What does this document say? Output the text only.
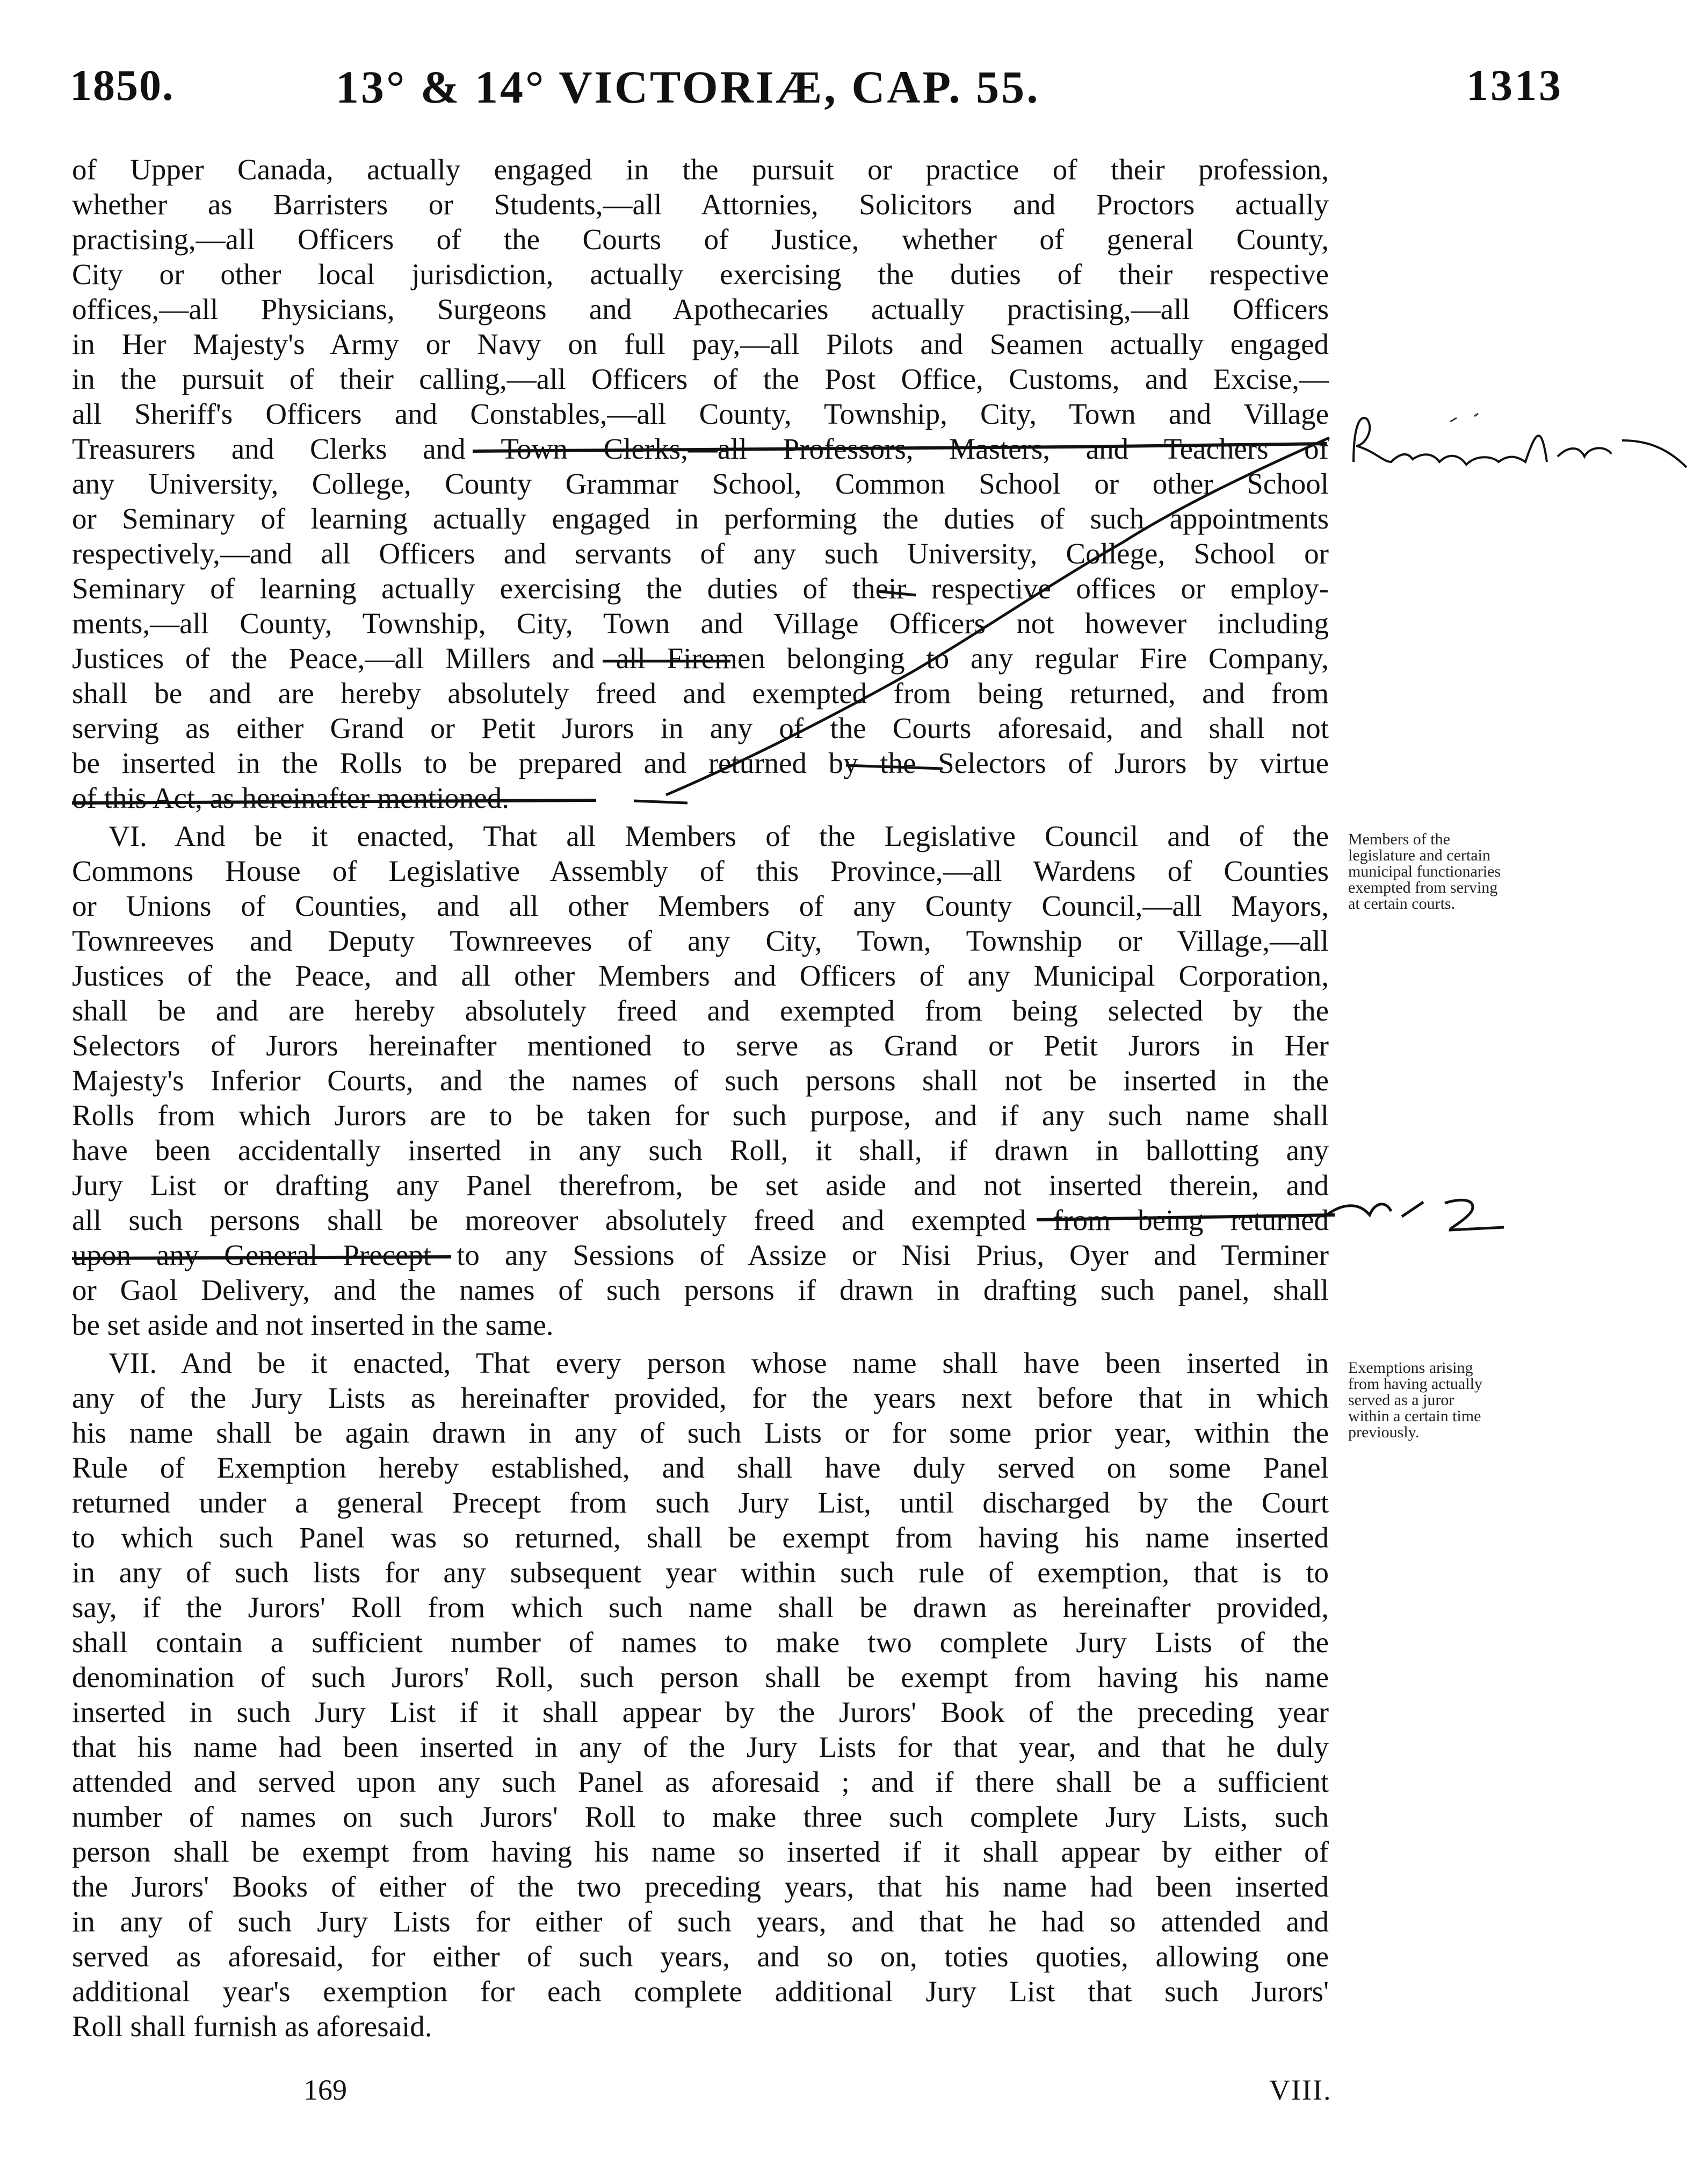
1850.	13° & 14° VICTORIÆ, CAP. 55.	1313
of Upper Canada, actually engaged in the pursuit or practice of their profession,
whether as Barristers or Students,—all Attornies, Solicitors and Proctors actually
practising,—all Officers of the Courts of Justice, whether of general County,
City or other local jurisdiction, actually exercising the duties of their respective
offices,—all Physicians, Surgeons and Apothecaries actually practising,—all Officers
in Her Majesty's Army or Navy on full pay,—all Pilots and Seamen actually engaged
in the pursuit of their calling,—all Officers of the Post Office, Customs, and Excise,—
all Sheriff's Officers and Constables,—all County, Township, City, Town and Village
Treasurers and Clerks and Town Clerks,—all Professors, Masters, and Teachers of
any University, College, County Grammar School, Common School or other School
or Seminary of learning actually engaged in performing the duties of such appointments
respectively,—and all Officers and servants of any such University, College, School or
Seminary of learning actually exercising the duties of their respective offices or employ-
ments,—all County, Township, City, Town and Village Officers not however including
Justices of the Peace,—all Millers and all Firemen belonging to any regular Fire Company,
shall be and are hereby absolutely freed and exempted from being returned, and from
serving as either Grand or Petit Jurors in any of the Courts aforesaid, and shall not
be inserted in the Rolls to be prepared and returned by the Selectors of Jurors by virtue
of this Act, as hereinafter mentioned.
VI. And be it enacted, That all Members of the Legislative Council and of the
Commons House of Legislative Assembly of this Province,—all Wardens of Counties
or Unions of Counties, and all other Members of any County Council,—all Mayors,
Townreeves and Deputy Townreeves of any City, Town, Township or Village,—all
Justices of the Peace, and all other Members and Officers of any Municipal Corporation,
shall be and are hereby absolutely freed and exempted from being selected by the
Selectors of Jurors hereinafter mentioned to serve as Grand or Petit Jurors in Her
Majesty's Inferior Courts, and the names of such persons shall not be inserted in the
Rolls from which Jurors are to be taken for such purpose, and if any such name shall
have been accidentally inserted in any such Roll, it shall, if drawn in ballotting any
Jury List or drafting any Panel therefrom, be set aside and not inserted therein, and
all such persons shall be moreover absolutely freed and exempted from being returned
upon any General Precept to any Sessions of Assize or Nisi Prius, Oyer and Terminer
or Gaol Delivery, and the names of such persons if drawn in drafting such panel, shall
be set aside and not inserted in the same.
VII. And be it enacted, That every person whose name shall have been inserted in
any of the Jury Lists as hereinafter provided, for the years next before that in which
his name shall be again drawn in any of such Lists or for some prior year, within the
Rule of Exemption hereby established, and shall have duly served on some Panel
returned under a general Precept from such Jury List, until discharged by the Court
to which such Panel was so returned, shall be exempt from having his name inserted
in any of such lists for any subsequent year within such rule of exemption, that is to
say, if the Jurors' Roll from which such name shall be drawn as hereinafter provided,
shall contain a sufficient number of names to make two complete Jury Lists of the
denomination of such Jurors' Roll, such person shall be exempt from having his name
inserted in such Jury List if it shall appear by the Jurors' Book of the preceding year
that his name had been inserted in any of the Jury Lists for that year, and that he duly
attended and served upon any such Panel as aforesaid ; and if there shall be a sufficient
number of names on such Jurors' Roll to make three such complete Jury Lists, such
person shall be exempt from having his name so inserted if it shall appear by either of
the Jurors' Books of either of the two preceding years, that his name had been inserted
in any of such Jury Lists for either of such years, and that he had so attended and
served as aforesaid, for either of such years, and so on, toties quoties, allowing one
additional year's exemption for each complete additional Jury List that such Jurors'
Roll shall furnish as aforesaid.
Members of the
legislature and certain
municipal functionaries
exempted from serving
at certain courts.
Exemptions arising
from having actually
served as a juror
within a certain time
previously.
169	VIII.
